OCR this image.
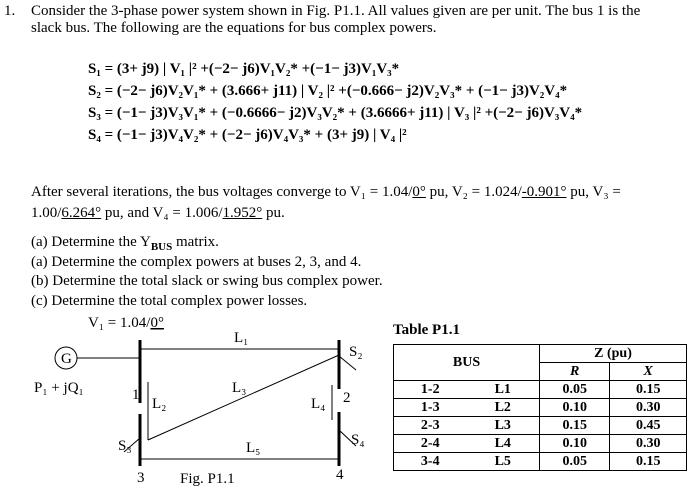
1. Consider the 3-phase power system shown in Fig. P1.1. All values given are per unit. The bus 1 is the
slack bus. The following are the equations for bus complex powers.
S₁ = (3+ j9) | V₁ |² +(−2− j6)V₁V₂* +(−1− j3)V₁V₃*
S₂ = (−2− j6)V₂V₁* + (3.666+ j11) | V₂ |² +(−0.666− j2)V₂V₃* + (−1− j3)V₂V₄*
S₃ = (−1− j3)V₃V₁* + (−0.6666− j2)V₃V₂* + (3.6666+ j11) | V₃ |² +(−2− j6)V₃V₄*
S₄ = (−1− j3)V₄V₂* + (−2− j6)V₄V₃* + (3+ j9) | V₄ |²
After several iterations, the bus voltages converge to V₁ = 1.04/0° pu, V₂ = 1.024/-0.901° pu, V₃ =
1.00/6.264° pu, and V₄ = 1.006/1.952° pu.
(a) Determine the $Y_{BUS}$ matrix.
(a) Determine the complex powers at buses 2, 3, and 4.
(b) Determine the total slack or swing bus complex power.
(c) Determine the total complex power losses.
V₁ = 1.04/0°
G
P₁ + jQ₁	1
3
L₂	2
4
L₁
L₃
L₄
L₅
S₂
S₃	S₄
Fig. P1.1
Table P1.1
BUS		Z (pu)	
		R	X
1-2	L1	0.05	0.15
1-3	L2	0.10	0.30
2-3	L3	0.15	0.45
2-4	L4	0.10	0.30
3-4	L5	0.05	0.15
